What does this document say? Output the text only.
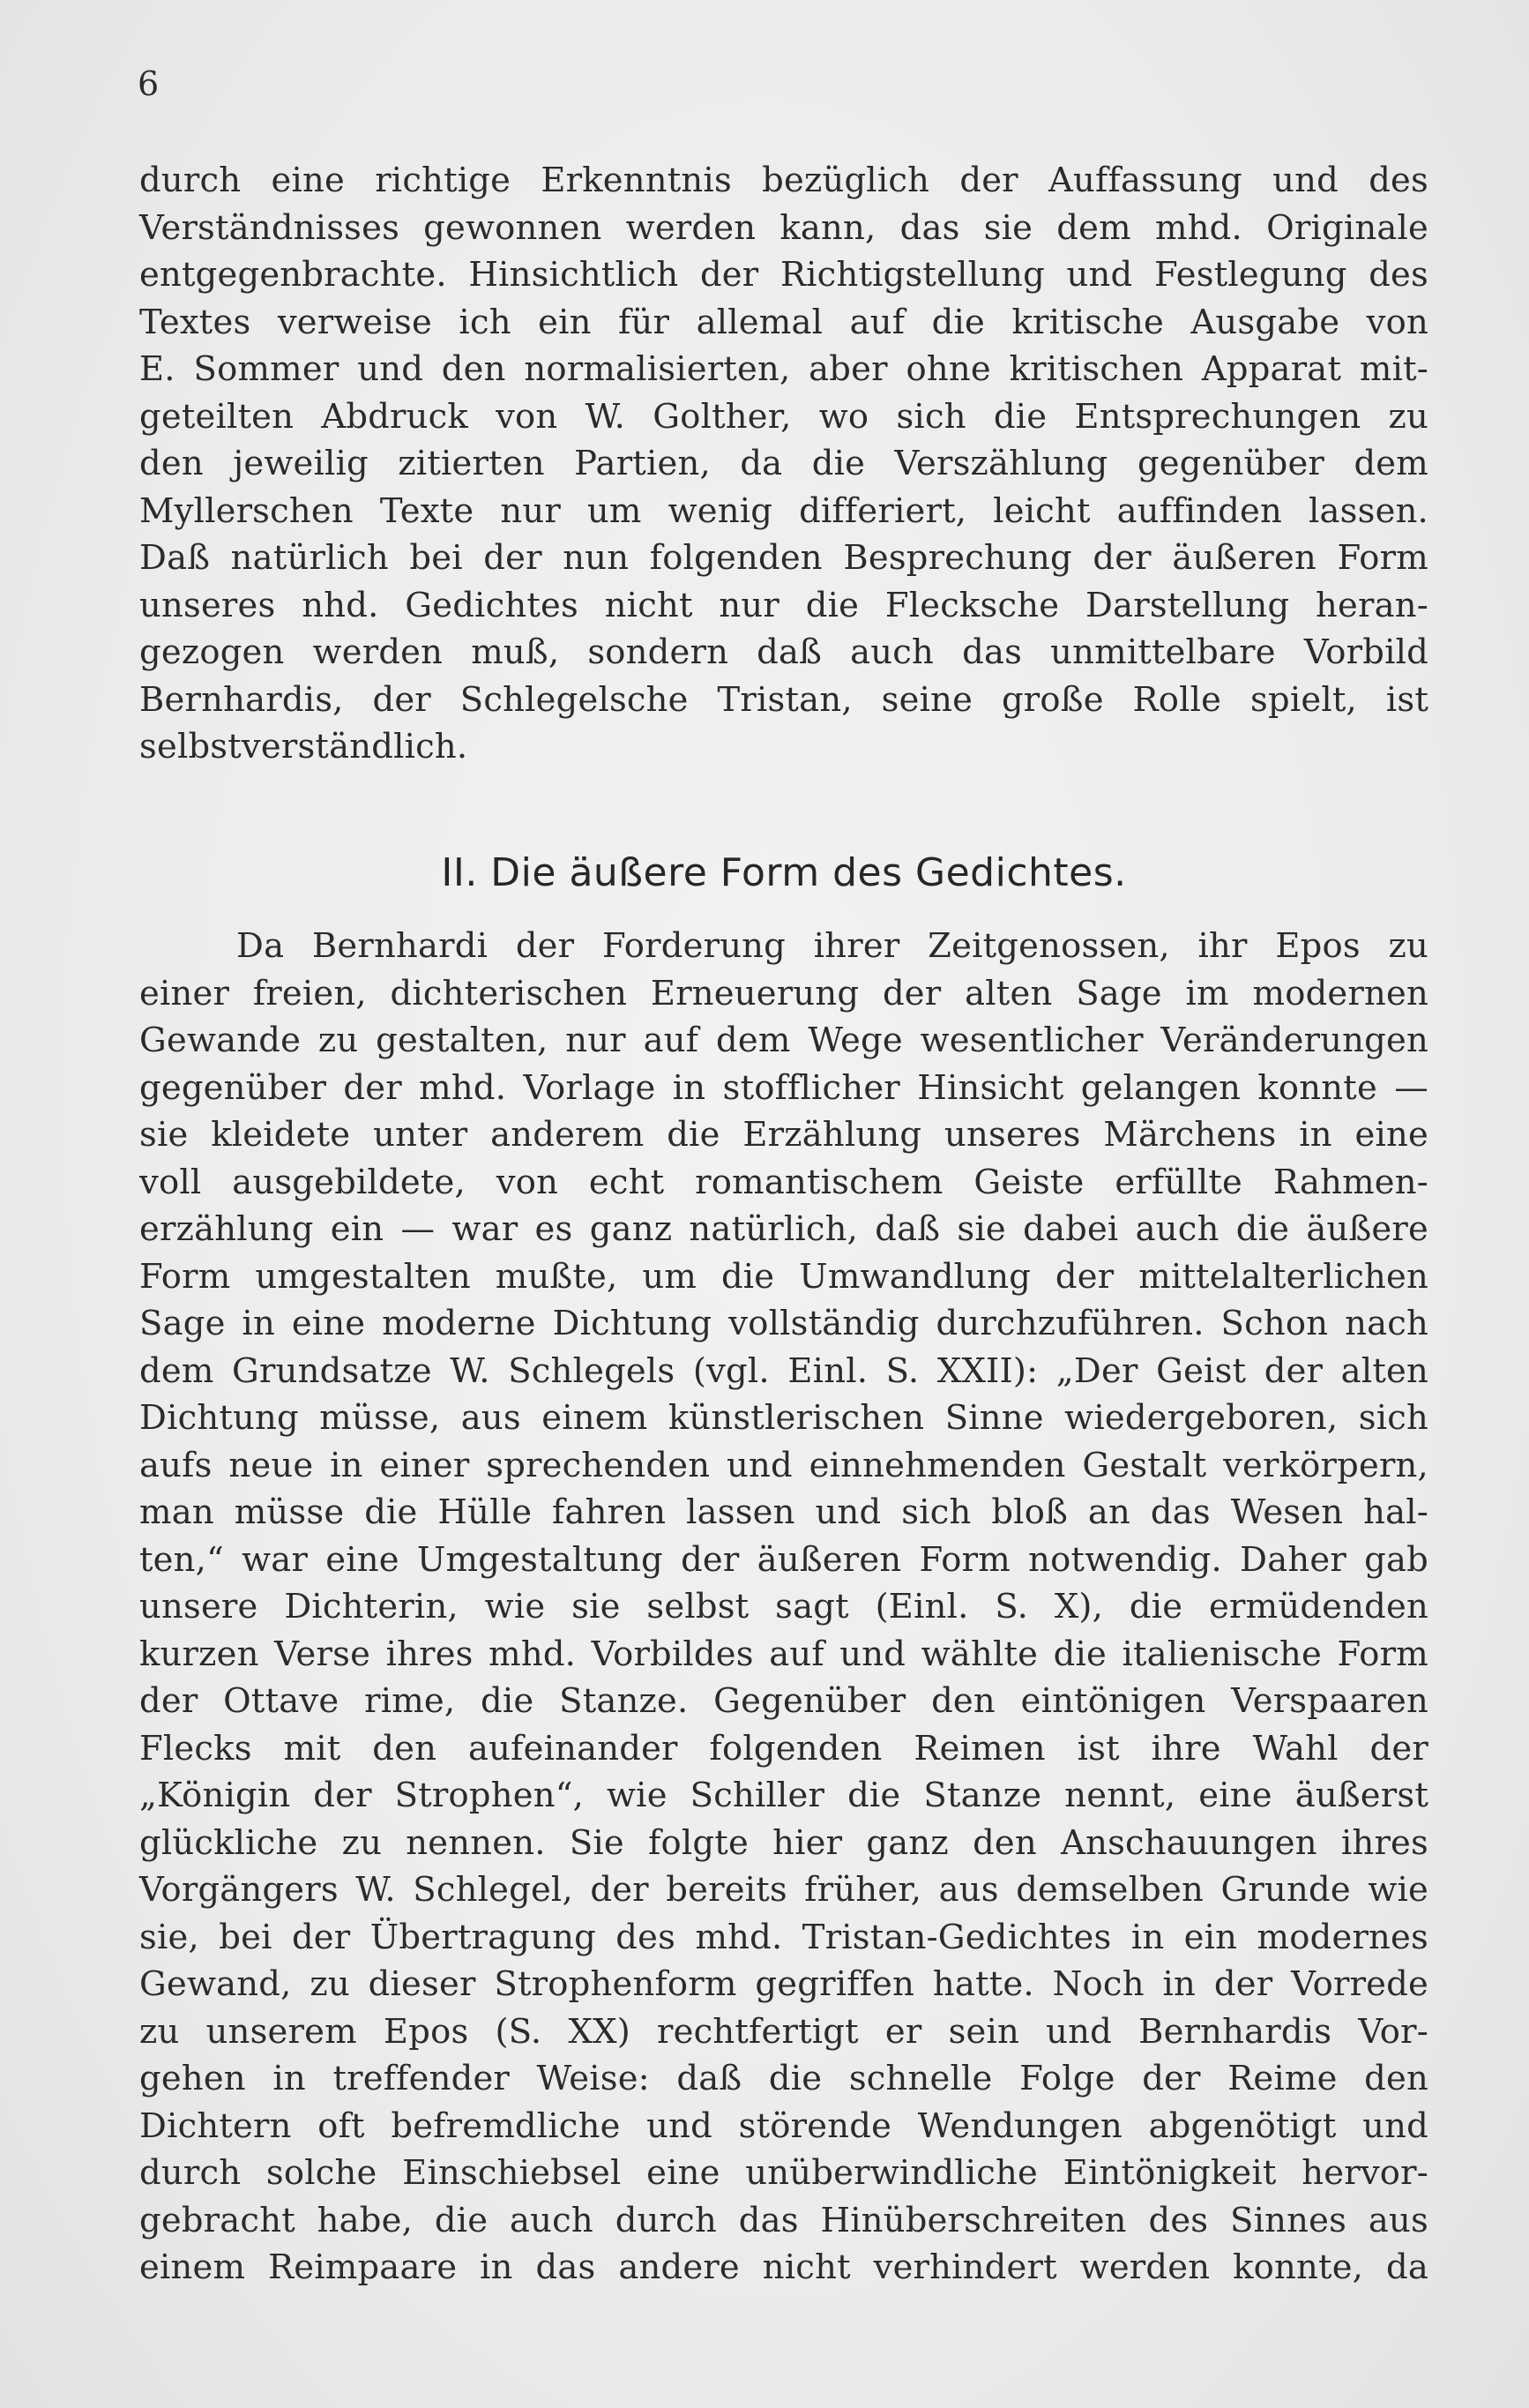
6
durch eine richtige Erkenntnis bezüglich der Auffassung und des
Verständnisses gewonnen werden kann, das sie dem mhd. Originale
entgegenbrachte. Hinsichtlich der Richtigstellung und Festlegung des
Textes verweise ich ein für allemal auf die kritische Ausgabe von
E. Sommer und den normalisierten, aber ohne kritischen Apparat mit-
geteilten Abdruck von W. Golther, wo sich die Entsprechungen zu
den jeweilig zitierten Partien, da die Verszählung gegenüber dem
Myllerschen Texte nur um wenig differiert, leicht auffinden lassen.
Daß natürlich bei der nun folgenden Besprechung der äußeren Form
unseres nhd. Gedichtes nicht nur die Flecksche Darstellung heran-
gezogen werden muß, sondern daß auch das unmittelbare Vorbild
Bernhardis, der Schlegelsche Tristan, seine große Rolle spielt, ist
selbstverständlich.
II. Die äußere Form des Gedichtes.
Da Bernhardi der Forderung ihrer Zeitgenossen, ihr Epos zu
einer freien, dichterischen Erneuerung der alten Sage im modernen
Gewande zu gestalten, nur auf dem Wege wesentlicher Veränderungen
gegenüber der mhd. Vorlage in stofflicher Hinsicht gelangen konnte —
sie kleidete unter anderem die Erzählung unseres Märchens in eine
voll ausgebildete, von echt romantischem Geiste erfüllte Rahmen-
erzählung ein — war es ganz natürlich, daß sie dabei auch die äußere
Form umgestalten mußte, um die Umwandlung der mittelalterlichen
Sage in eine moderne Dichtung vollständig durchzuführen. Schon nach
dem Grundsatze W. Schlegels (vgl. Einl. S. XXII): „Der Geist der alten
Dichtung müsse, aus einem künstlerischen Sinne wiedergeboren, sich
aufs neue in einer sprechenden und einnehmenden Gestalt verkörpern,
man müsse die Hülle fahren lassen und sich bloß an das Wesen hal-
ten,“ war eine Umgestaltung der äußeren Form notwendig. Daher gab
unsere Dichterin, wie sie selbst sagt (Einl. S. X), die ermüdenden
kurzen Verse ihres mhd. Vorbildes auf und wählte die italienische Form
der Ottave rime, die Stanze. Gegenüber den eintönigen Verspaaren
Flecks mit den aufeinander folgenden Reimen ist ihre Wahl der
„Königin der Strophen“, wie Schiller die Stanze nennt, eine äußerst
glückliche zu nennen. Sie folgte hier ganz den Anschauungen ihres
Vorgängers W. Schlegel, der bereits früher, aus demselben Grunde wie
sie, bei der Übertragung des mhd. Tristan-Gedichtes in ein modernes
Gewand, zu dieser Strophenform gegriffen hatte. Noch in der Vorrede
zu unserem Epos (S. XX) rechtfertigt er sein und Bernhardis Vor-
gehen in treffender Weise: daß die schnelle Folge der Reime den
Dichtern oft befremdliche und störende Wendungen abgenötigt und
durch solche Einschiebsel eine unüberwindliche Eintönigkeit hervor-
gebracht habe, die auch durch das Hinüberschreiten des Sinnes aus
einem Reimpaare in das andere nicht verhindert werden konnte, da
